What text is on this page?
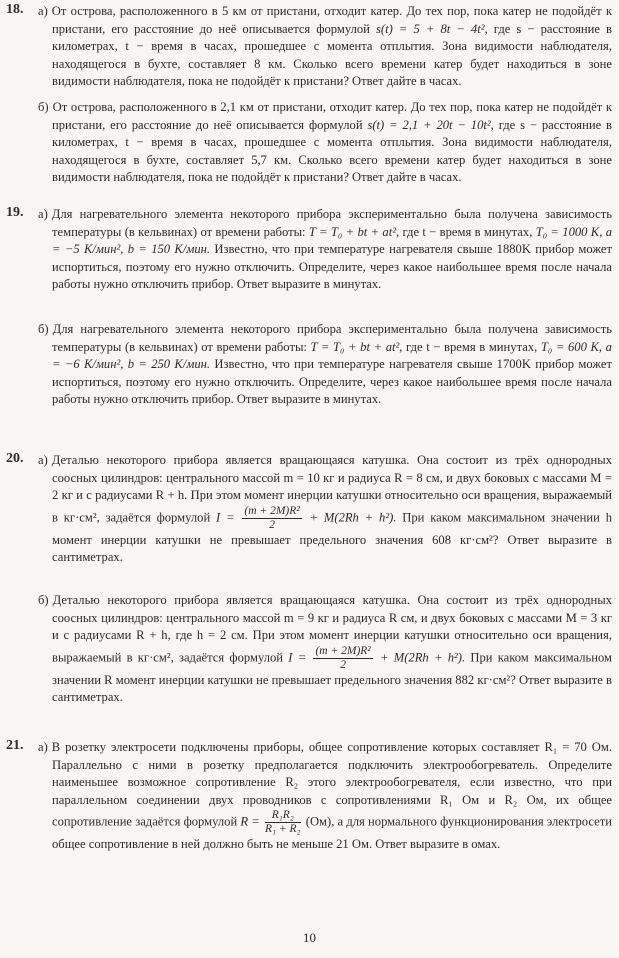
18. а) От острова, расположенного в 5 км от пристани, отходит катер. До тех пор, пока катер не подойдёт к пристани, его расстояние до неё описывается формулой s(t) = 5 + 8t − 4t², где s − расстояние в километрах, t − время в часах, прошедшее с момента отплытия. Зона видимости наблюдателя, находящегося в бухте, составляет 8 км. Сколько всего времени катер будет находиться в зоне видимости наблюдателя, пока не подойдёт к пристани? Ответ дайте в часах.
б) От острова, расположенного в 2,1 км от пристани, отходит катер. До тех пор, пока катер не подойдёт к пристани, его расстояние до неё описывается формулой s(t) = 2,1 + 20t − 10t², где s − расстояние в километрах, t − время в часах, прошедшее с момента отплытия. Зона видимости наблюдателя, находящегося в бухте, составляет 5,7 км. Сколько всего времени катер будет находиться в зоне видимости наблюдателя, пока не подойдёт к пристани? Ответ дайте в часах.
19. а) Для нагревательного элемента некоторого прибора экспериментально была получена зависимость температуры (в кельвинах) от времени работы: T = T₀ + bt + at², где t − время в минутах, T₀ = 1000 K, a = −5 K/мин², b = 150 K/мин. Известно, что при температуре нагревателя свыше 1880K прибор может испортиться, поэтому его нужно отключить. Определите, через какое наибольшее время после начала работы нужно отключить прибор. Ответ выразите в минутах.
б) Для нагревательного элемента некоторого прибора экспериментально была получена зависимость температуры (в кельвинах) от времени работы: T = T₀ + bt + at², где t − время в минутах, T₀ = 600 K, a = −6 K/мин², b = 250 K/мин. Известно, что при температуре нагревателя свыше 1700K прибор может испортиться, поэтому его нужно отключить. Определите, через какое наибольшее время после начала работы нужно отключить прибор. Ответ выразите в минутах.
20. а) Деталью некоторого прибора является вращающаяся катушка. Она состоит из трёх однородных соосных цилиндров: центрального массой m = 10 кг и радиуса R = 8 см, и двух боковых с массами M = 2 кг и с радиусами R + h. При этом момент инерции катушки относительно оси вращения, выражаемый в кг·см², задаётся формулой $I = \frac{\text{(m + 2M)R²}}{2} + M(2Rh + h^2)$. При каком максимальном значении h момент инерции катушки не превышает предельного значения 608 кг·см²? Ответ выразите в сантиметрах.
б) Деталью некоторого прибора является вращающаяся катушка. Она состоит из трёх однородных соосных цилиндров: центрального массой m = 9 кг и радиуса R см, и двух боковых с массами M = 3 кг и с радиусами R + h, где h = 2 см. При этом момент инерции катушки относительно оси вращения, выражаемый в кг·см², задаётся формулой $I = \frac{\text{(m + 2M)R²}}{2} + M(2Rh + h^2)$. При каком максимальном значении R момент инерции катушки не превышает предельного значения 882 кг·см²? Ответ выразите в сантиметрах.
21. а) В розетку электросети подключены приборы, общее сопротивление которых составляет R₁ = 70 Ом. Параллельно с ними в розетку предполагается подключить электрообогреватель. Определите наименьшее возможное сопротивление R₂ этого электрообогревателя, если известно, что при параллельном соединении двух проводников с сопротивлениями R₁ Ом и R₂ Ом, их общее сопротивление задаётся формулой $R = \frac{\text{R₁R₂}}{\text{R₁ + R₂}} (Ом)$, а для нормального функционирования электросети общее сопротивление в ней должно быть не меньше 21 Ом. Ответ выразите в омах.
10
